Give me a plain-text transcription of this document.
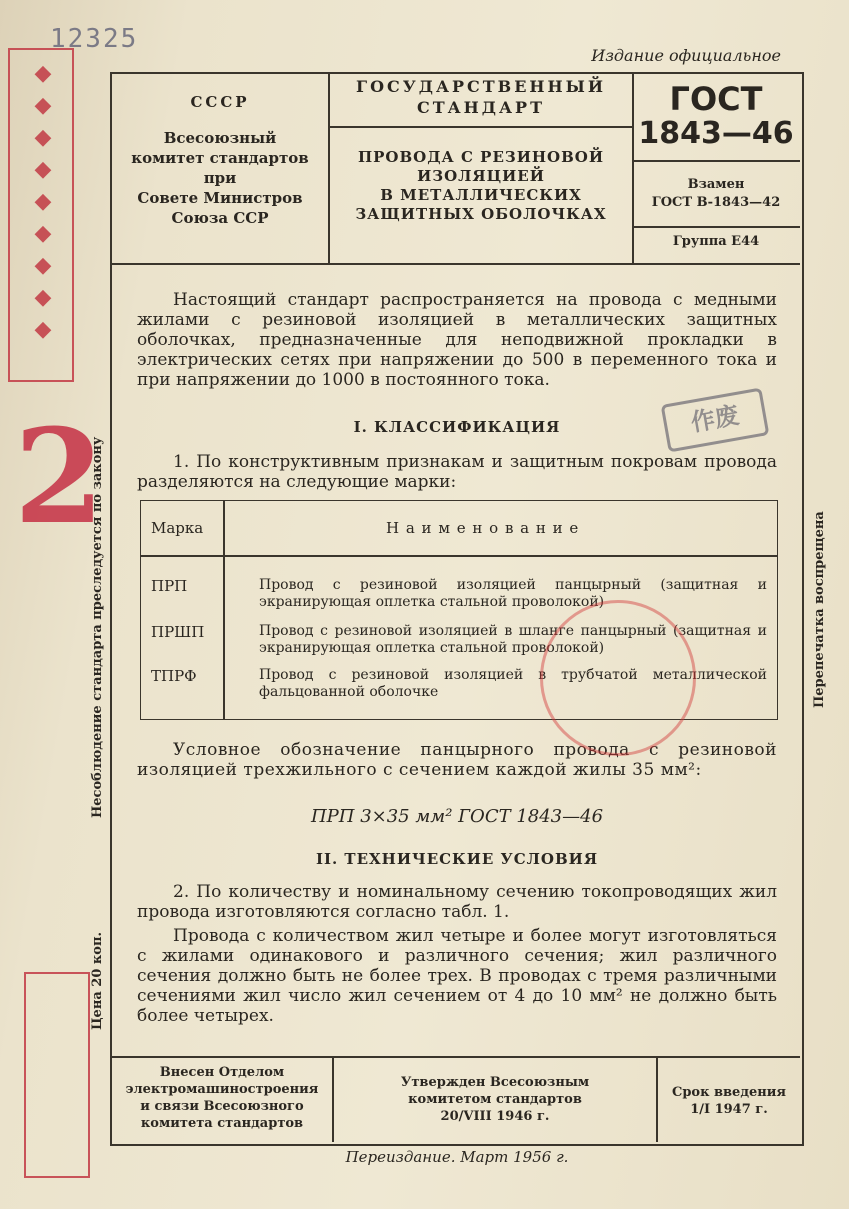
12325
Издание официальное
СССР
Всесоюзный
комитет стандартов
при
Совете Министров
Союза ССР
ГОСУДАРСТВЕННЫЙ
СТАНДАРТ
ПРОВОДА С РЕЗИНОВОЙ
ИЗОЛЯЦИЕЙ
В МЕТАЛЛИЧЕСКИХ
ЗАЩИТНЫХ ОБОЛОЧКАХ
ГОСТ
1843—46
Взамен
ГОСТ В-1843—42
Группа Е44
Настоящий стандарт распространяется на провода с медными жилами с резиновой изоляцией в металлических защитных оболочках, предназначенные для неподвижной прокладки в электрических сетях при напряжении до 500 в переменного тока и при напряжении до 1000 в постоянного тока.
I. КЛАССИФИКАЦИЯ
1. По конструктивным признакам и защитным покровам провода разделяются на следующие марки:
Марка	Н а и м е н о в а н и е
ПРП	Провод с резиновой изоляцией панцырный (защитная и экранирующая оплетка стальной проволокой)
ПРШП	Провод с резиновой изоляцией в шланге панцырный (защитная и экранирующая оплетка стальной проволокой)
ТПРФ	Провод с резиновой изоляцией в трубчатой металлической фальцованной оболочке
Условное обозначение панцырного провода с резиновой изоляцией трехжильного с сечением каждой жилы 35 мм²:
ПРП 3×35 мм² ГОСТ 1843—46
II. ТЕХНИЧЕСКИЕ УСЛОВИЯ
2. По количеству и номинальному сечению токопроводящих жил провода изготовляются согласно табл. 1.
Провода с количеством жил четыре и более могут изготовляться с жилами одинакового и различного сечения; жил различного сечения должно быть не более трех. В проводах с тремя различными сечениями жил число жил сечением от 4 до 10 мм² не должно быть более четырех.
Внесен Отделом
электромашиностроения
и связи Всесоюзного
комитета стандартов
Утвержден Всесоюзным
комитетом стандартов
20/VIII 1946 г.
Срок введения
1/I 1947 г.
Переиздание. Март 1956 г.
Несоблюдение стандарта преследуется по закону
Цена 20 коп.
Перепечатка воспрещена
◆◆◆◆◆◆◆◆◆
2	作废
